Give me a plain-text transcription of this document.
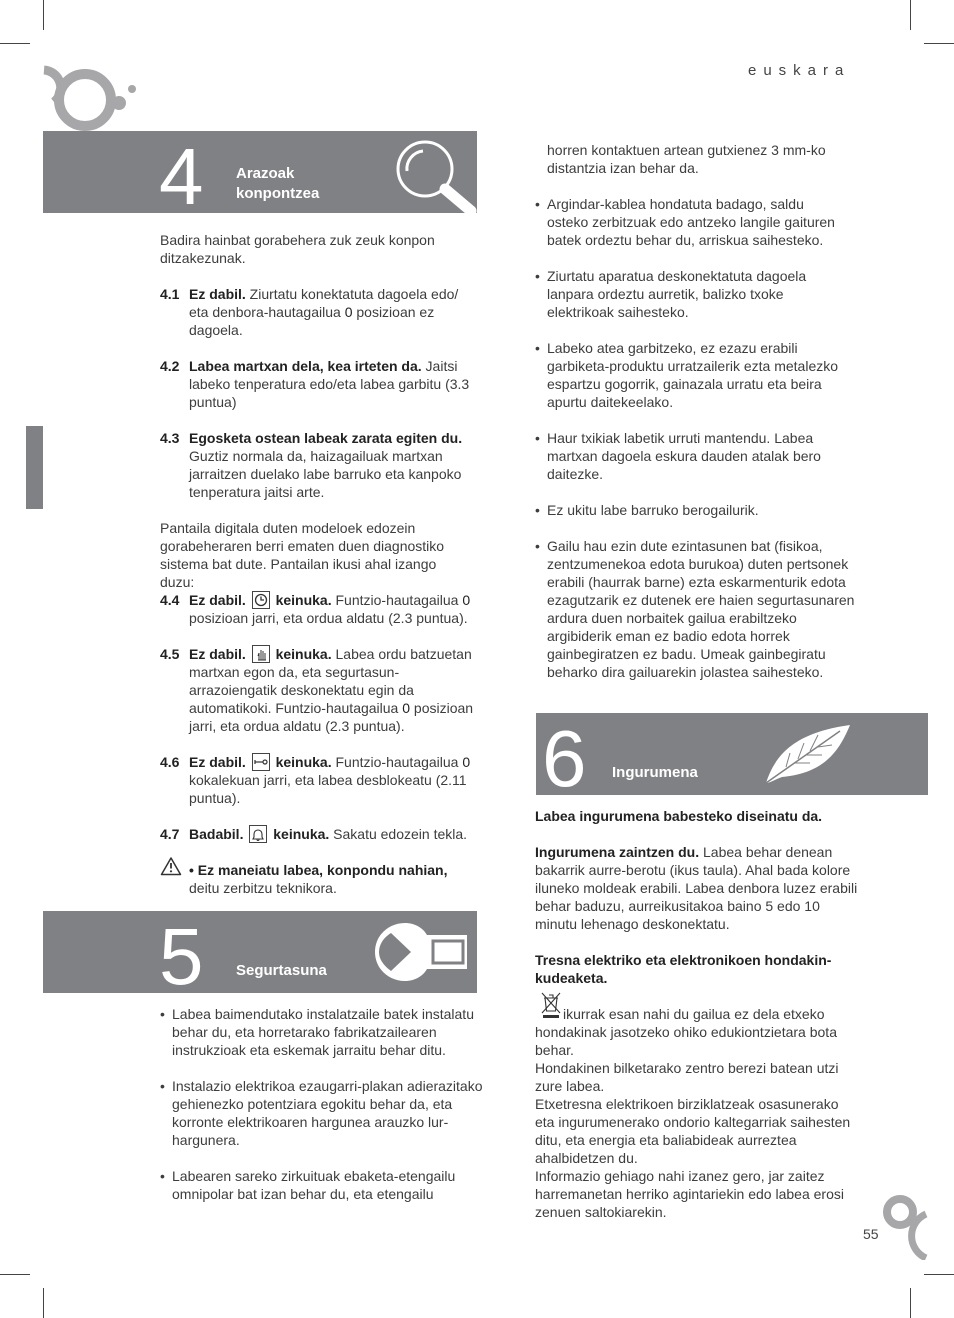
euskara
4 Arazoak
konpontzea
Badira hainbat gorabehera zuk zeuk konpon ditzakezunak.
4.1 Ez dabil. Ziurtatu konektatuta dagoela edo/ eta denbora-hautagailua 0 posizioan ez dagoela.
4.2 Labea martxan dela, kea irteten da. Jaitsi labeko tenperatura edo/eta labea garbitu (3.3 puntua)
4.3 Egosketa ostean labeak zarata egiten du. Guztiz normala da, haizagailuak martxan jarraitzen duelako labe barruko eta kanpoko tenperatura jaitsi arte.
Pantaila digitala duten modeloek edozein gorabeheraren berri ematen duen diagnostiko sistema bat dute. Pantailan ikusi ahal izango duzu:
4.4 Ez dabil. keinuka. Funtzio-hautagailua 0 posizioan jarri, eta ordua aldatu (2.3 puntua).
4.5 Ez dabil. keinuka. Labea ordu batzuetan martxan egon da, eta segurtasun-arrazoiengatik deskonektatu egin da automatikoki. Funtzio-hautagailua 0 posizioan jarri, eta ordua aldatu (2.3 puntua).
4.6 Ez dabil. keinuka. Funtzio-hautagailua 0 kokalekuan jarri, eta labea desblokeatu (2.11 puntua).
4.7 Badabil. keinuka. Sakatu edozein tekla.
• Ez maneiatu labea, konpondu nahian,
deitu zerbitzu teknikora.
5 Segurtasuna
• Labea baimendutako instalatzaile batek instalatu behar du, eta horretarako fabrikatzailearen instrukzioak eta eskemak jarraitu behar ditu.
• Instalazio elektrikoa ezaugarri-plakan adierazitako gehienezko potentziara egokitu behar da, eta korronte elektrikoaren hargunea arauzko lur-hargunera.
• Labearen sareko zirkuituak ebaketa-etengailu omnipolar bat izan behar du, eta etengailu
horren kontaktuen artean gutxienez 3 mm-ko distantzia izan behar da.
• Argindar-kablea hondatuta badago, saldu osteko zerbitzuak edo antzeko langile gaituren batek ordeztu behar du, arriskua saihesteko.
• Ziurtatu aparatua deskonektatuta dagoela lanpara ordeztu aurretik, balizko txoke elektrikoak saihesteko.
• Labeko atea garbitzeko, ez ezazu erabili garbiketa-produktu urratzailerik ezta metalezko espartzu gogorrik, gainazala urratu eta beira apurtu daitekeelako.
• Haur txikiak labetik urruti mantendu. Labea martxan dagoela eskura dauden atalak bero daitezke.
• Ez ukitu labe barruko berogailurik.
• Gailu hau ezin dute ezintasunen bat (fisikoa, zentzumenekoa edota burukoa) duten pertsonek erabili (haurrak barne) ezta eskarmenturik edota ezagutzarik ez dutenek ere haien segurtasunaren ardura duen norbaitek gailua erabiltzeko argibiderik eman ez badio edota horrek gainbegiratzen ez badu. Umeak gainbegiratu beharko dira gailuarekin jolastea saihesteko.
6 Ingurumena
Labea ingurumena babesteko diseinatu da.
Ingurumena zaintzen du. Labea behar denean bakarrik aurre-berotu (ikus taula). Ahal bada kolore iluneko moldeak erabili. Labea denbora luzez erabili behar baduzu, aurreikusitakoa baino 5 edo 10 minutu lehenago deskonektatu.
Tresna elektriko eta elektronikoen hondakin-kudeaketa.
ikurrak esan nahi du gailua ez dela etxeko hondakinak jasotzeko ohiko edukiontzietara bota behar.
Hondakinen bilketarako zentro berezi batean utzi zure labea.
Etxetresna elektrikoen birziklatzeak osasunerako eta ingurumenerako ondorio kaltegarriak saihesten ditu, eta energia eta baliabideak aurreztea ahalbidetzen du.
Informazio gehiago nahi izanez gero, jar zaitez harremanetan herriko agintariekin edo labea erosi zenuen saltokiarekin.
55
